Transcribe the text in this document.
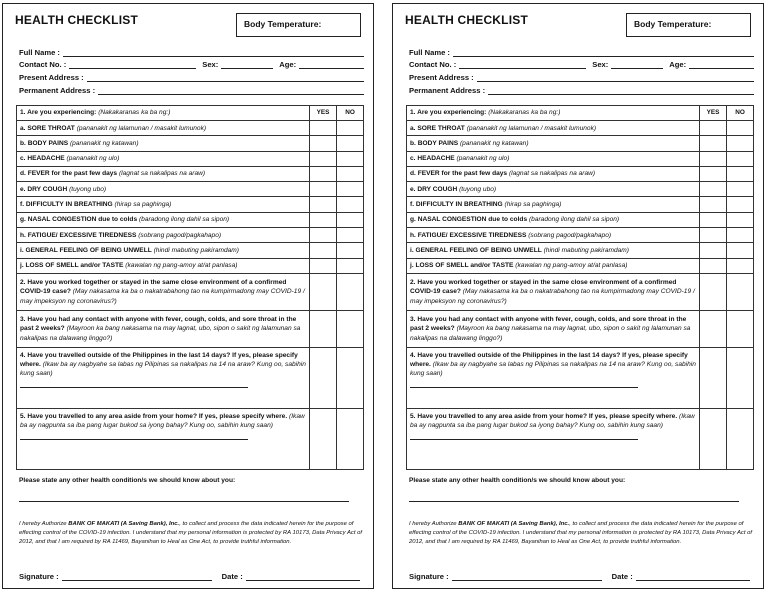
HEALTH CHECKLIST	Body Temperature:
Full Name :
Contact No. :	Sex:	Age:
Present Address :
Permanent Address :
1. Are you experiencing: (Nakakaranas ka ba ng:)	YES	NO
a. SORE THROAT (pananakit ng lalamunan / masakit lumunok)		
b. BODY PAINS (pananakit ng katawan)		
c. HEADACHE (pananakit ng ulo)		
d. FEVER for the past few days (lagnat sa nakalipas na araw)		
e. DRY COUGH (tuyong ubo)		
f. DIFFICULTY IN BREATHING (hirap sa paghinga)		
g. NASAL CONGESTION due to colds (baradong ilong dahil sa sipon)		
h. FATIGUE/ EXCESSIVE TIREDNESS (sobrang pagod/pagkahapo)		
i. GENERAL FEELING OF BEING UNWELL (hindi mabuting pakiramdam)		
j. LOSS OF SMELL and/or TASTE (kawalan ng pang-amoy at/at panlasa)		
2. Have you worked together or stayed in the same close environment of a confirmed COVID-19 case? (May nakasama ka ba o nakatrabahong tao na kumpirmadong may COVID-19 / may impeksyon ng coronavirus?)		
3. Have you had any contact with anyone with fever, cough, colds, and sore throat in the past 2 weeks? (Mayroon ka bang nakasama na may lagnat, ubo, sipon o sakit ng lalamunan sa nakalipas na dalawang linggo?)		
4. Have you travelled outside of the Philippines in the last 14 days? If yes, please specify where. (Ikaw ba ay nagbyahe sa labas ng Pilipinas sa nakalipas na 14 na araw? Kung oo, sabihin kung saan)

5. Have you travelled to any area aside from your home? If yes, please specify where. (Ikaw ba ay nagpunta sa iba pang lugar bukod sa iyong bahay? Kung oo, sabihin kung saan)

Please state any other health condition/s we should know about you:
I hereby Authorize BANK OF MAKATI (A Saving Bank), Inc., to collect and process the data indicated herein for the purpose of effecting control of the COVID-19 infection. I understand that my personal information is protected by RA 10173, Data Privacy Act of 2012, and that I am required by RA 11469, Bayanihan to Heal as One Act, to provide truthful information.
Signature :	Date :
HEALTH CHECKLIST	Body Temperature:
Full Name :
Contact No. :	Sex:	Age:
Present Address :
Permanent Address :
1. Are you experiencing: (Nakakaranas ka ba ng:)	YES	NO
a. SORE THROAT (pananakit ng lalamunan / masakit lumunok)		
b. BODY PAINS (pananakit ng katawan)		
c. HEADACHE (pananakit ng ulo)		
d. FEVER for the past few days (lagnat sa nakalipas na araw)		
e. DRY COUGH (tuyong ubo)		
f. DIFFICULTY IN BREATHING (hirap sa paghinga)		
g. NASAL CONGESTION due to colds (baradong ilong dahil sa sipon)		
h. FATIGUE/ EXCESSIVE TIREDNESS (sobrang pagod/pagkahapo)		
i. GENERAL FEELING OF BEING UNWELL (hindi mabuting pakiramdam)		
j. LOSS OF SMELL and/or TASTE (kawalan ng pang-amoy at/at panlasa)		
2. Have you worked together or stayed in the same close environment of a confirmed COVID-19 case? (May nakasama ka ba o nakatrabahong tao na kumpirmadong may COVID-19 / may impeksyon ng coronavirus?)		
3. Have you had any contact with anyone with fever, cough, colds, and sore throat in the past 2 weeks? (Mayroon ka bang nakasama na may lagnat, ubo, sipon o sakit ng lalamunan sa nakalipas na dalawang linggo?)		
4. Have you travelled outside of the Philippines in the last 14 days? If yes, please specify where. (Ikaw ba ay nagbyahe sa labas ng Pilipinas sa nakalipas na 14 na araw? Kung oo, sabihin kung saan)

5. Have you travelled to any area aside from your home? If yes, please specify where. (Ikaw ba ay nagpunta sa iba pang lugar bukod sa iyong bahay? Kung oo, sabihin kung saan)

Please state any other health condition/s we should know about you:
I hereby Authorize BANK OF MAKATI (A Saving Bank), Inc., to collect and process the data indicated herein for the purpose of effecting control of the COVID-19 infection. I understand that my personal information is protected by RA 10173, Data Privacy Act of 2012, and that I am required by RA 11469, Bayanihan to Heal as One Act, to provide truthful information.
Signature :	Date :
